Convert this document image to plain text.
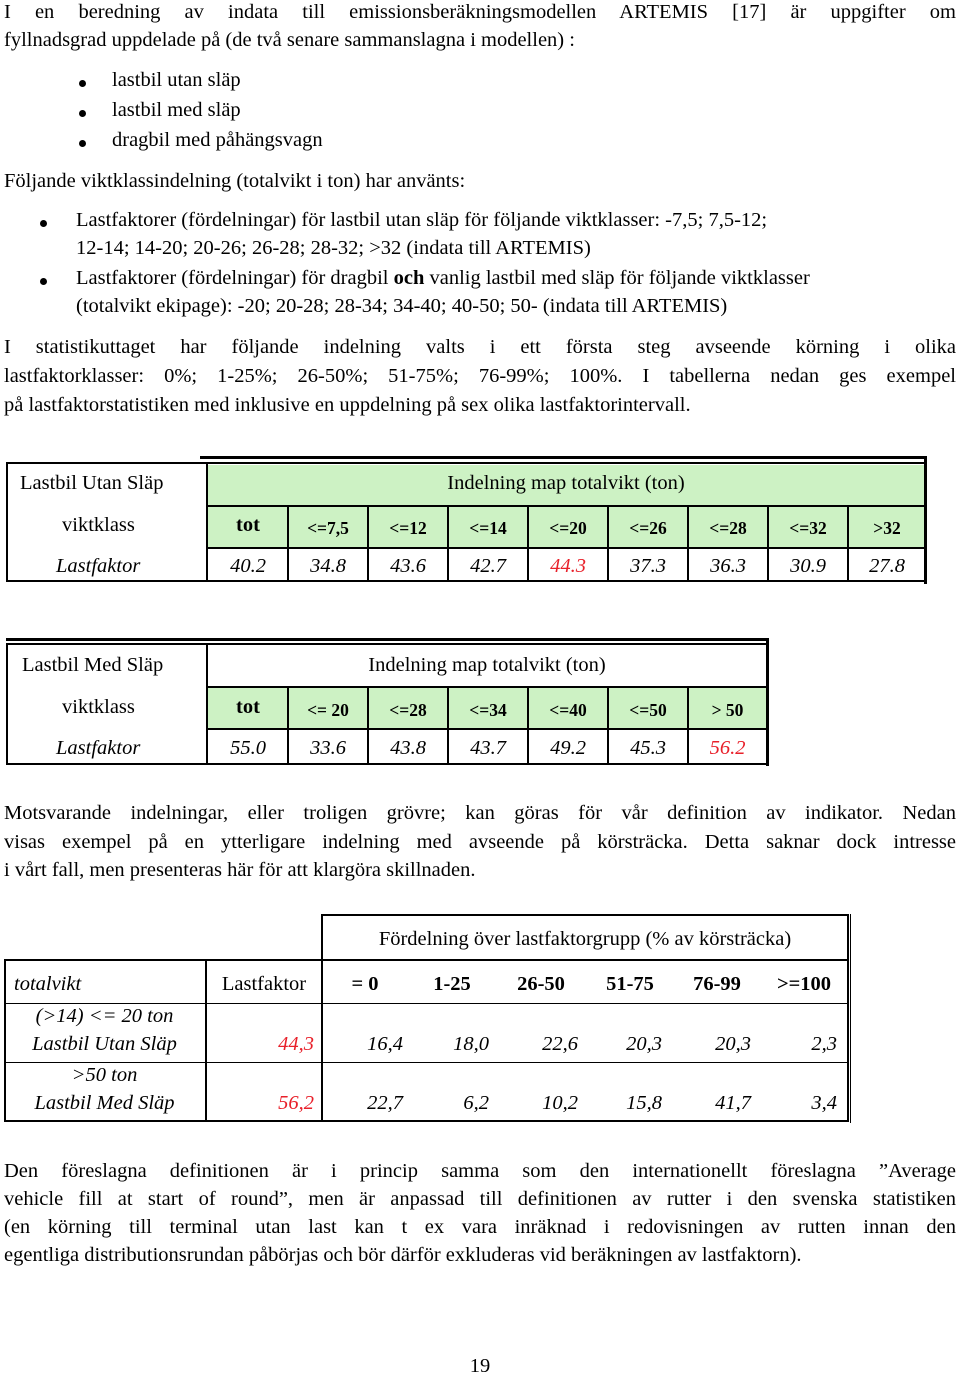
I en beredning av indata till emissionsberäkningsmodellen ARTEMIS [17] är uppgifter om
fyllnadsgrad uppdelade på (de två senare sammanslagna i modellen) :
lastbil utan släp
lastbil med släp
dragbil med påhängsvagn
Följande viktklassindelning (totalvikt i ton) har använts:
Lastfaktorer (fördelningar) för lastbil utan släp för följande viktklasser: -7,5; 7,5-12;
12-14; 14-20; 20-26; 26-28; 28-32; >32 (indata till ARTEMIS)
Lastfaktorer (fördelningar) för dragbil och vanlig lastbil med släp för följande viktklasser
(totalvikt ekipage): -20; 20-28; 28-34; 34-40; 40-50; 50- (indata till ARTEMIS)
I statistikuttaget har följande indelning valts i ett första steg avseende körning i olika
lastfaktorklasser: 0%; 1-25%; 26-50%; 51-75%; 76-99%; 100%. I tabellerna nedan ges exempel
på lastfaktorstatistiken med inklusive en uppdelning på sex olika lastfaktorintervall.
Lastbil Utan Släp	Indelning map totalvikt (ton)
viktklass	tot	<=7,5	<=12	<=14	<=20	<=26	<=28	<=32	>32
Lastfaktor	40.2	34.8	43.6	42.7	44.3	37.3	36.3	30.9	27.8
Lastbil Med Släp	Indelning map totalvikt (ton)
viktklass	tot	<= 20	<=28	<=34	<=40	<=50	> 50
Lastfaktor	55.0	33.6	43.8	43.7	49.2	45.3	56.2
Motsvarande indelningar, eller troligen grövre; kan göras för vår definition av indikator. Nedan
visas exempel på en ytterligare indelning med avseende på körsträcka. Detta saknar dock intresse
i vårt fall, men presenteras här för att klargöra skillnaden.
Fördelning över lastfaktorgrupp (% av körsträcka)
totalvikt	Lastfaktor	= 0	1-25	26-50	51-75	76-99	>=100
(>14) <= 20 ton
Lastbil Utan Släp	44,3	16,4	18,0	22,6	20,3	20,3	2,3
>50 ton
Lastbil Med Släp	56,2	22,7	6,2	10,2	15,8	41,7	3,4
Den föreslagna definitionen är i princip samma som den internationellt föreslagna ”Average
vehicle fill at start of round”, men är anpassad till definitionen av rutter i den svenska statistiken
(en körning till terminal utan last kan t ex vara inräknad i redovisningen av rutten innan den
egentliga distributionsrundan påbörjas och bör därför exkluderas vid beräkningen av lastfaktorn).
19
